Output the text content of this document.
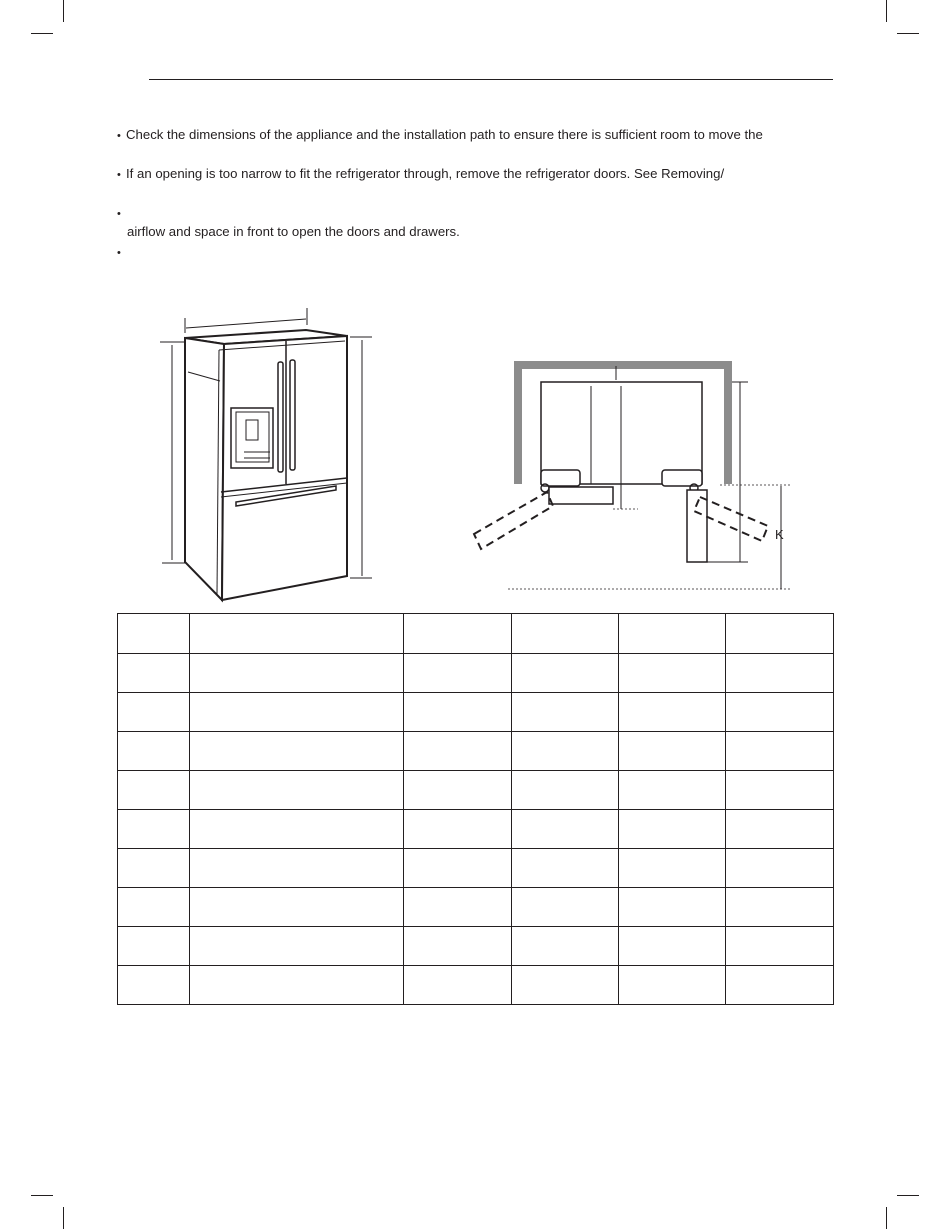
• Check the dimensions of the appliance and the installation path to ensure there is sufficient room to move the
• If an opening is too narrow to fit the refrigerator through, remove the refrigerator doors. See Removing/
•
airflow and space in front to open the doors and drawers.
•
K
